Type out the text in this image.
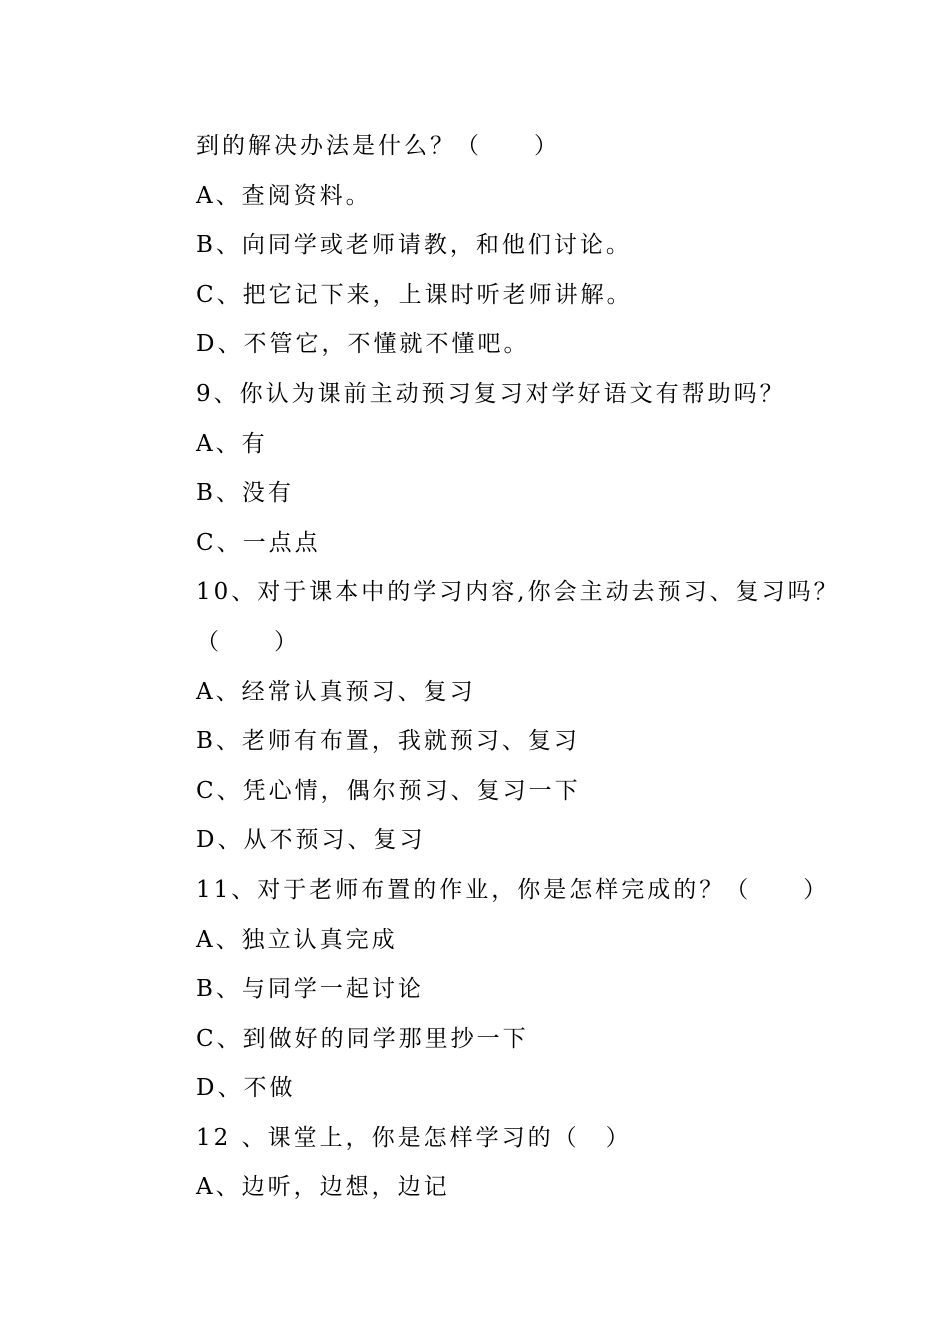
到的解决办法是什么？（　　）
A、查阅资料。
B、向同学或老师请教，和他们讨论。
C、把它记下来，上课时听老师讲解。
D、不管它，不懂就不懂吧。
9、你认为课前主动预习复习对学好语文有帮助吗？
A、有
B、没有
C、一点点
10、对于课本中的学习内容,你会主动去预习、复习吗？
（　　）
A、经常认真预习、复习
B、老师有布置，我就预习、复习
C、凭心情，偶尔预习、复习一下
D、从不预习、复习
11、对于老师布置的作业，你是怎样完成的？（　　）
A、独立认真完成
B、与同学一起讨论
C、到做好的同学那里抄一下
D、不做
12 、课堂上，你是怎样学习的（　）
A、边听，边想，边记
